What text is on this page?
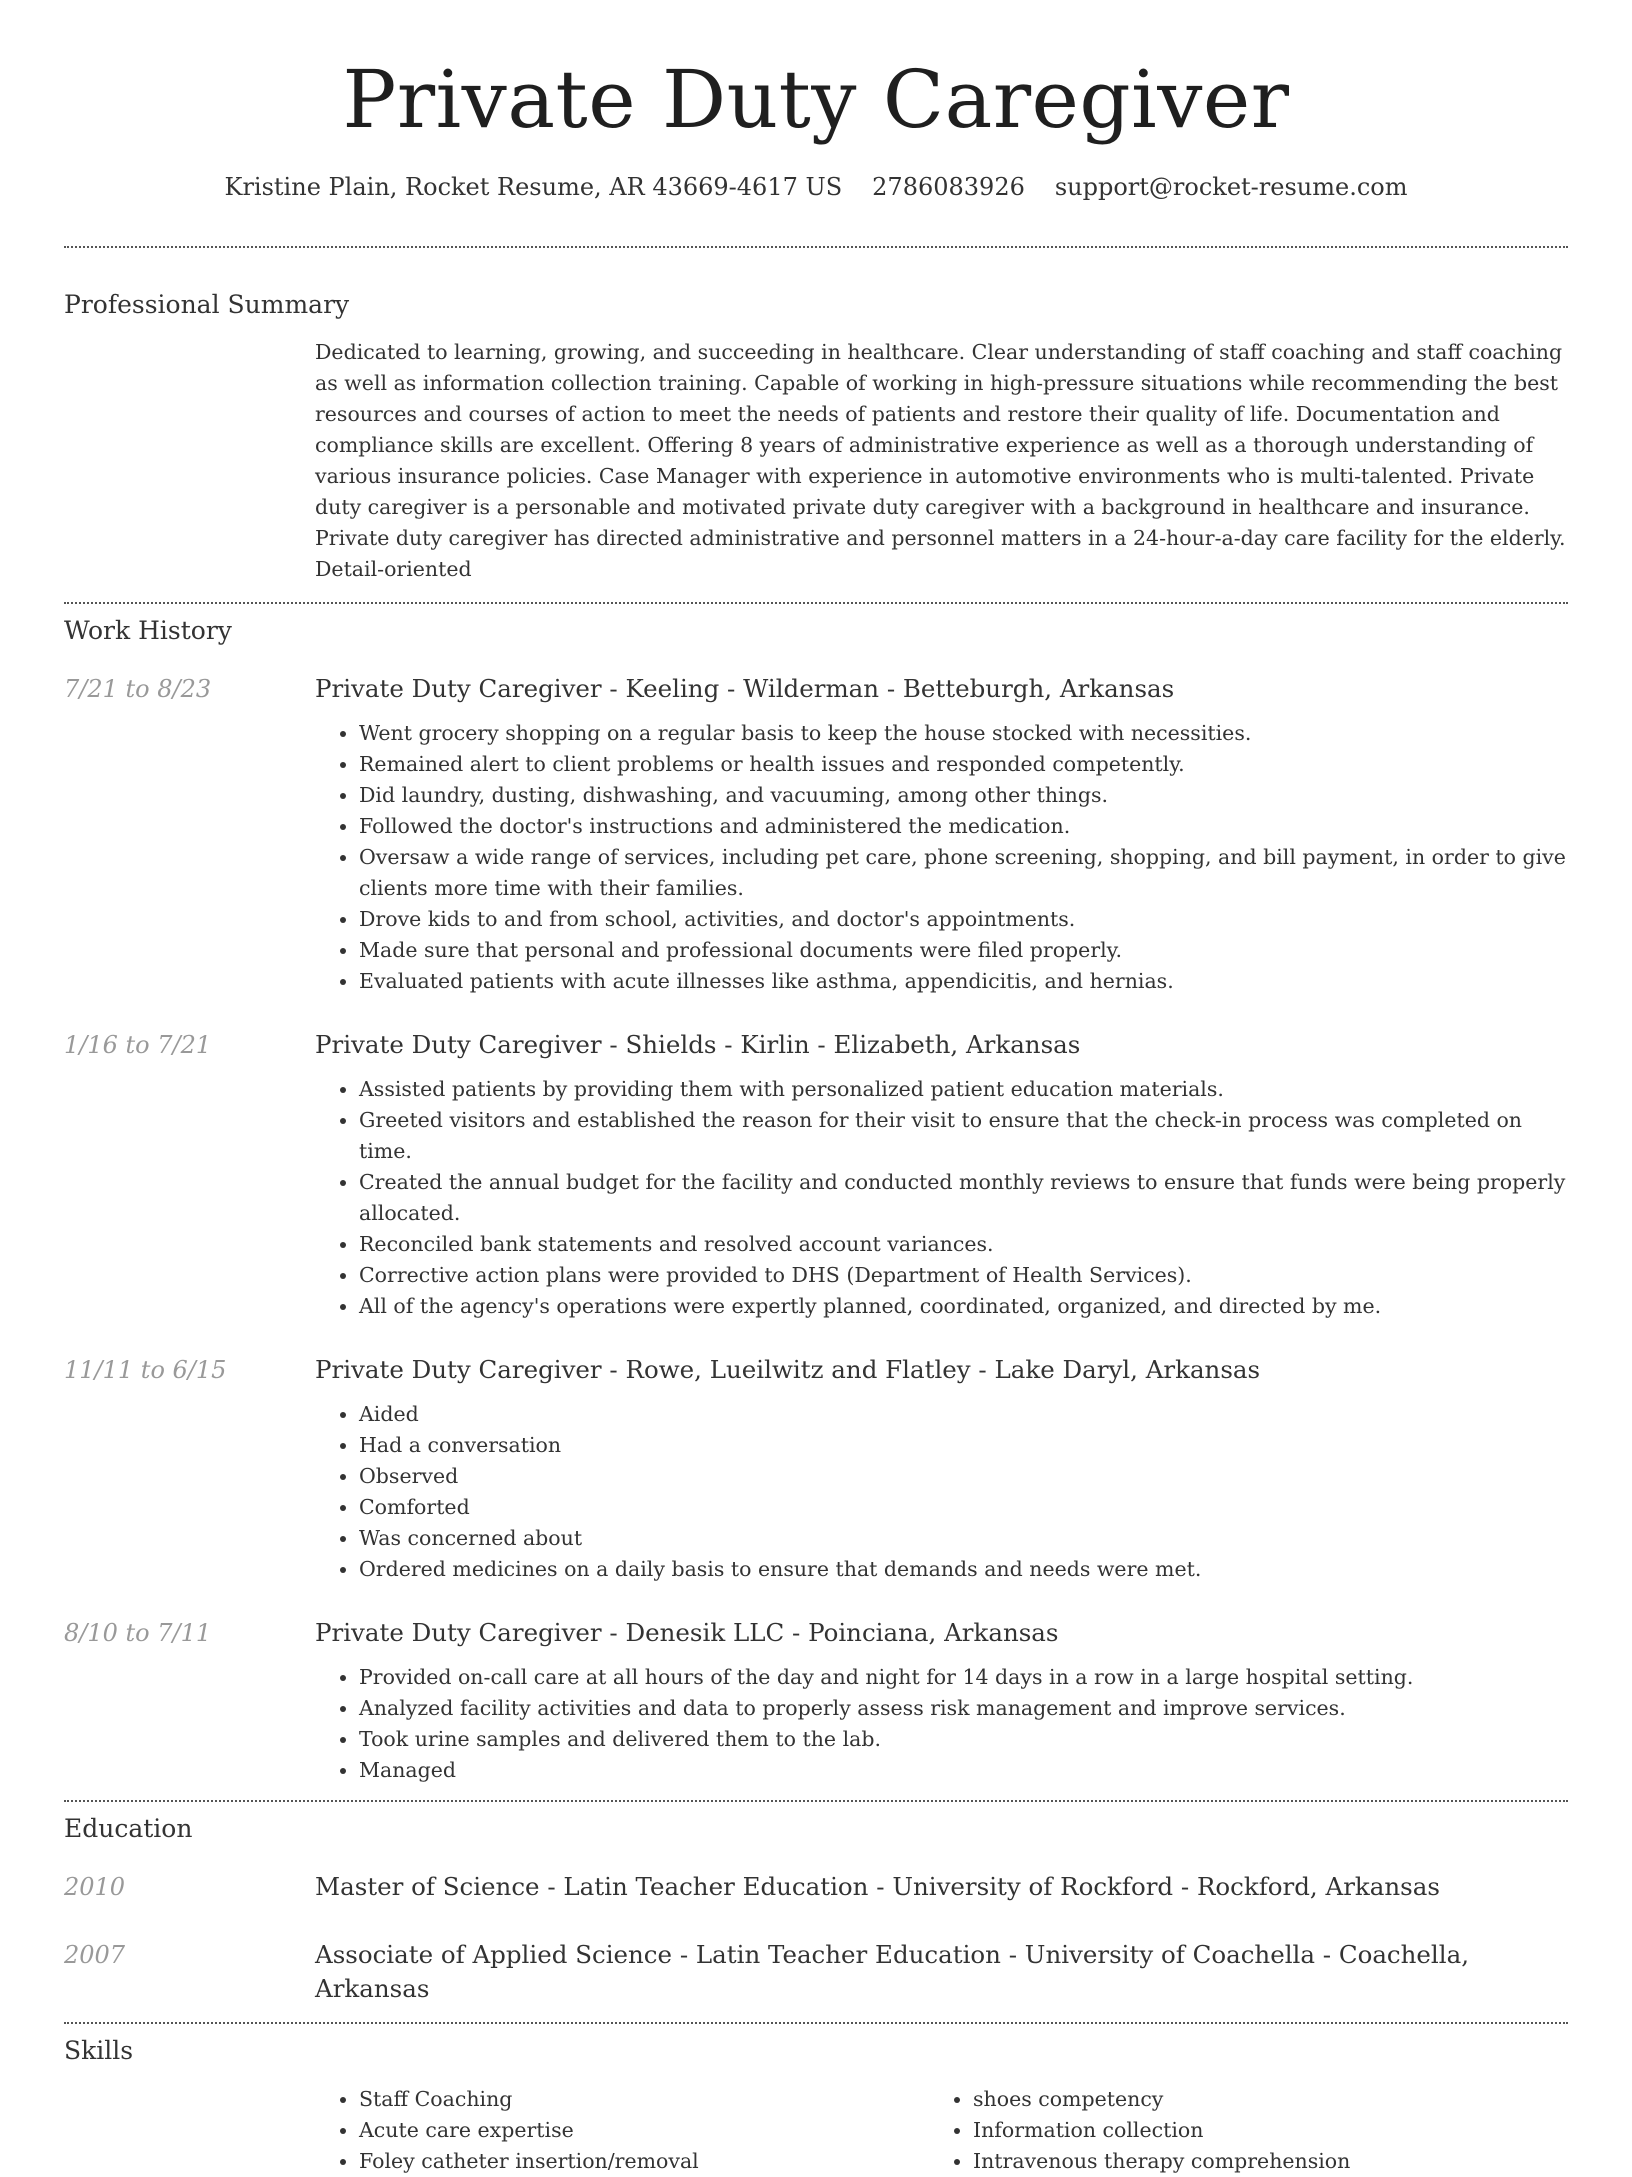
Private Duty Caregiver
Kristine Plain, Rocket Resume, AR 43669-4617 US 2786083926 support@rocket-resume.com
Professional Summary
Dedicated to learning, growing, and succeeding in healthcare. Clear understanding of staff coaching and staff coaching as well as information collection training. Capable of working in high-pressure situations while recommending the best resources and courses of action to meet the needs of patients and restore their quality of life. Documentation and compliance skills are excellent. Offering 8 years of administrative experience as well as a thorough understanding of various insurance policies. Case Manager with experience in automotive environments who is multi-talented. Private duty caregiver is a personable and motivated private duty caregiver with a background in healthcare and insurance. Private duty caregiver has directed administrative and personnel matters in a 24-hour-a-day care facility for the elderly. Detail-oriented
Work History
7/21 to 8/23	Private Duty Caregiver - Keeling - Wilderman - Betteburgh, Arkansas
• Went grocery shopping on a regular basis to keep the house stocked with necessities.
• Remained alert to client problems or health issues and responded competently.
• Did laundry, dusting, dishwashing, and vacuuming, among other things.
• Followed the doctor's instructions and administered the medication.
• Oversaw a wide range of services, including pet care, phone screening, shopping, and bill payment, in order to give clients more time with their families.
• Drove kids to and from school, activities, and doctor's appointments.
• Made sure that personal and professional documents were filed properly.
• Evaluated patients with acute illnesses like asthma, appendicitis, and hernias.
1/16 to 7/21	Private Duty Caregiver - Shields - Kirlin - Elizabeth, Arkansas
• Assisted patients by providing them with personalized patient education materials.
• Greeted visitors and established the reason for their visit to ensure that the check-in process was completed on time.
• Created the annual budget for the facility and conducted monthly reviews to ensure that funds were being properly allocated.
• Reconciled bank statements and resolved account variances.
• Corrective action plans were provided to DHS (Department of Health Services).
• All of the agency's operations were expertly planned, coordinated, organized, and directed by me.
11/11 to 6/15	Private Duty Caregiver - Rowe, Lueilwitz and Flatley - Lake Daryl, Arkansas
• Aided
• Had a conversation
• Observed
• Comforted
• Was concerned about
• Ordered medicines on a daily basis to ensure that demands and needs were met.
8/10 to 7/11	Private Duty Caregiver - Denesik LLC - Poinciana, Arkansas
• Provided on-call care at all hours of the day and night for 14 days in a row in a large hospital setting.
• Analyzed facility activities and data to properly assess risk management and improve services.
• Took urine samples and delivered them to the lab.
• Managed
Education
2010	Master of Science - Latin Teacher Education - University of Rockford - Rockford, Arkansas
2007	Associate of Applied Science - Latin Teacher Education - University of Coachella - Coachella, Arkansas
Skills
• Staff Coaching
• Acute care expertise
• Foley catheter insertion/removal
• shoes competency
• Information collection
• Intravenous therapy comprehension
